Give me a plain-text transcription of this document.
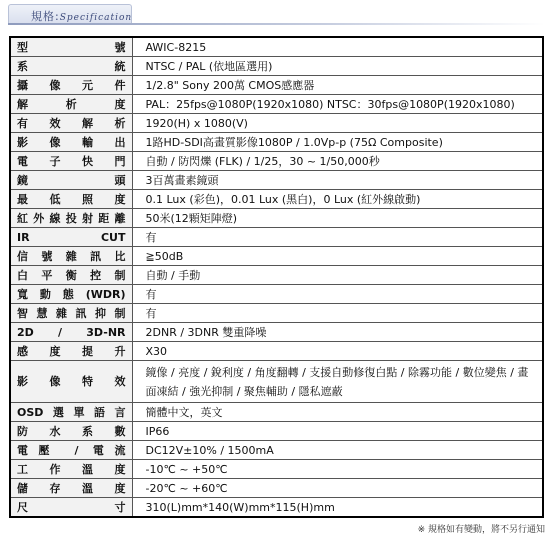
規格:Specification
型號	AWIC-8215

系統	NTSC / PAL (依地區選用)

攝像元件	1/2.8" Sony 200萬 CMOS感應器

解析度	PAL：25fps@1080P(1920x1080) NTSC：30fps@1080P(1920x1080)

有效解析	1920(H) x 1080(V)

影像輸出	1路HD-SDI高畫質影像1080P / 1.0Vp-p (75Ω Composite)

電子快門	自動 / 防閃爍 (FLK) / 1/25，30 ~ 1/50,000秒

鏡頭	3百萬畫素鏡頭

最低照度	0.1 Lux (彩色)，0.01 Lux (黑白)，0 Lux (紅外線啟動)

紅外線投射距離	50米(12顆矩陣燈)

IR CUT	有

信號雜訊比	≧50dB

白平衡控制	自動 / 手動

寬動態(WDR)	有

智慧雜訊抑制	有

2D / 3D-NR	2DNR / 3DNR 雙重降噪

感度提升	X30

影像特效	鏡像 / 亮度 / 銳利度 / 角度翻轉 / 支援自動修復白點 / 除霧功能 / 數位變焦 / 畫面凍結 / 強光抑制 / 聚焦輔助 / 隱私遮蔽

OSD選單語言	簡體中文，英文

防水系數	IP66

電壓 / 電流	DC12V±10% / 1500mA

工作溫度	-10℃ ~ +50℃

儲存溫度	-20℃ ~ +60℃

尺寸	310(L)mm*140(W)mm*115(H)mm
※ 規格如有變動，將不另行通知
